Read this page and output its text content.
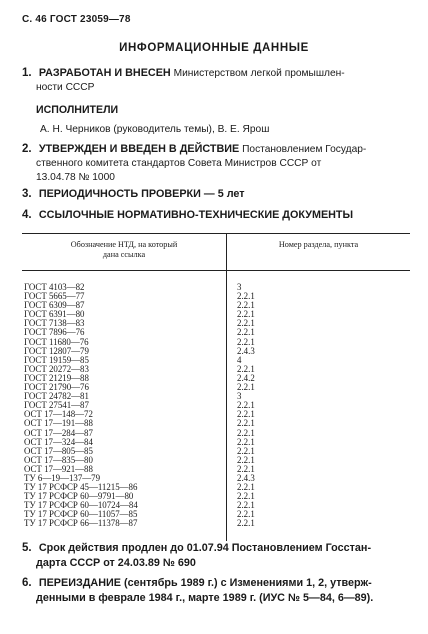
С. 46 ГОСТ 23059—78
ИНФОРМАЦИОННЫЕ ДАННЫЕ
1. РАЗРАБОТАН И ВНЕСЕН Министерством легкой промышлен-
ности СССР
ИСПОЛНИТЕЛИ
А. Н. Черников (руководитель темы), В. Е. Ярош
2. УТВЕРЖДЕН И ВВЕДЕН В ДЕЙСТВИЕ Постановлением Государ-
ственного комитета стандартов Совета Министров СССР от
13.04.78 № 1000
3. ПЕРИОДИЧНОСТЬ ПРОВЕРКИ — 5 лет
4. ССЫЛОЧНЫЕ НОРМАТИВНО-ТЕХНИЧЕСКИЕ ДОКУМЕНТЫ
Обозначение НТД, на который
дана ссылка	Номер раздела, пункта

ГОСТ 4103—82	3
ГОСТ 5665—77	2.2.1
ГОСТ 6309—87	2.2.1
ГОСТ 6391—80	2.2.1
ГОСТ 7138—83	2.2.1
ГОСТ 7896—76	2.2.1
ГОСТ 11680—76	2.2.1
ГОСТ 12807—79	2.4.3
ГОСТ 19159—85	4
ГОСТ 20272—83	2.2.1
ГОСТ 21219—88	2.4.2
ГОСТ 21790—76	2.2.1
ГОСТ 24782—81	3
ГОСТ 27541—87	2.2.1
ОСТ 17—148—72	2.2.1
ОСТ 17—191—88	2.2.1
ОСТ 17—284—87	2.2.1
ОСТ 17—324—84	2.2.1
ОСТ 17—805—85	2.2.1
ОСТ 17—835—80	2.2.1
ОСТ 17—921—88	2.2.1
ТУ 6—19—137—79	2.4.3
ТУ 17 РСФСР 45—11215—86	2.2.1
ТУ 17 РСФСР 60—9791—80	2.2.1
ТУ 17 РСФСР 60—10724—84	2.2.1
ТУ 17 РСФСР 60—11057—85	2.2.1
ТУ 17 РСФСР 66—11378—87	2.2.1

5. Срок действия продлен до 01.07.94 Постановлением Госстан-
дарта СССР от 24.03.89 № 690
6. ПЕРЕИЗДАНИЕ (сентябрь 1989 г.) с Изменениями 1, 2, утверж-
денными в феврале 1984 г., марте 1989 г. (ИУС № 5—84, 6—89).
